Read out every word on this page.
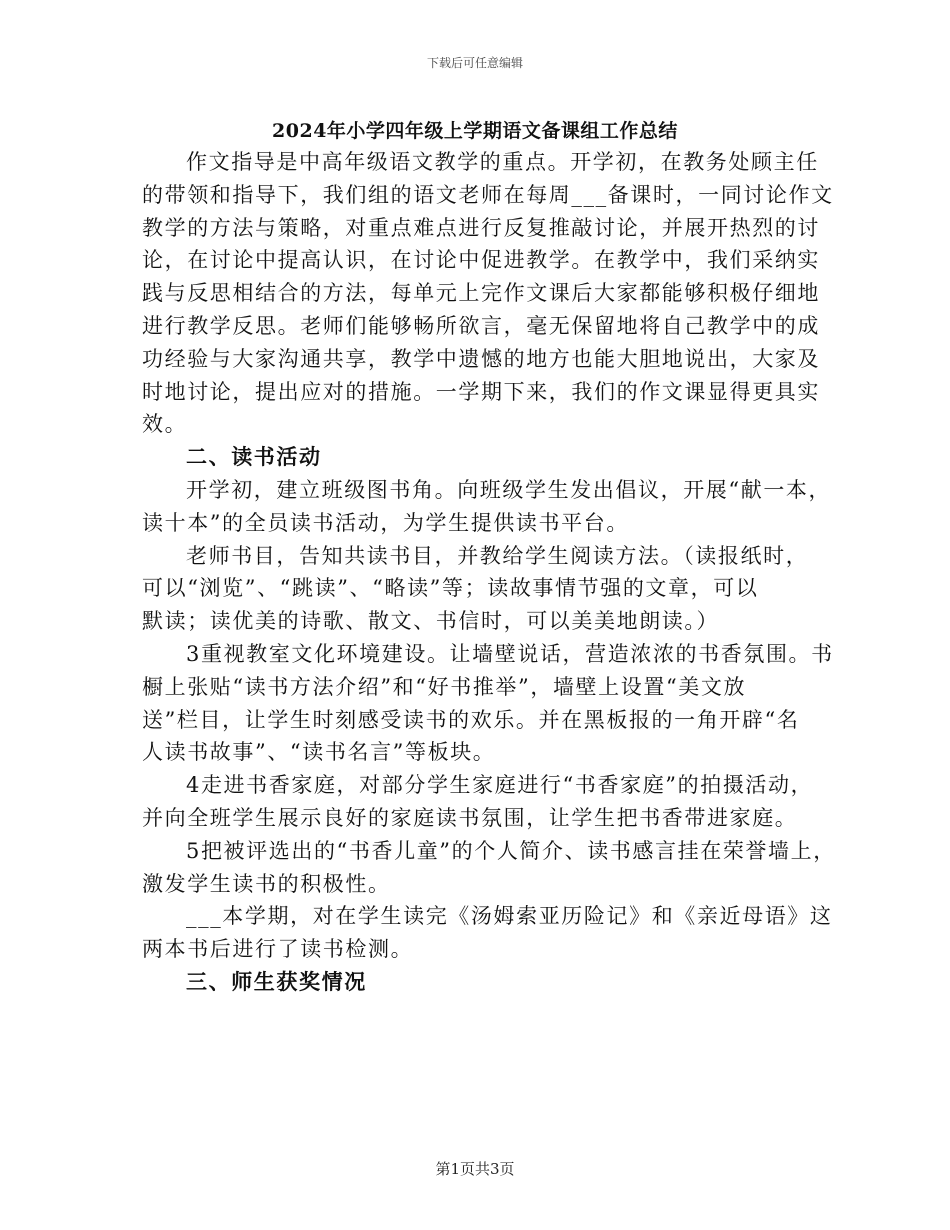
下载后可任意编辑
2024年小学四年级上学期语文备课组工作总结
作文指导是中高年级语文教学的重点。开学初，在教务处顾主任
的带领和指导下，我们组的语文老师在每周___备课时，一同讨论作文
教学的方法与策略，对重点难点进行反复推敲讨论，并展开热烈的讨
论，在讨论中提高认识，在讨论中促进教学。在教学中，我们采纳实
践与反思相结合的方法，每单元上完作文课后大家都能够积极仔细地
进行教学反思。老师们能够畅所欲言，毫无保留地将自己教学中的成
功经验与大家沟通共享，教学中遗憾的地方也能大胆地说出，大家及
时地讨论，提出应对的措施。一学期下来，我们的作文课显得更具实
效。
二、读书活动
开学初，建立班级图书角。向班级学生发出倡议，开展“献一本，
读十本”的全员读书活动，为学生提供读书平台。
老师书目，告知共读书目，并教给学生阅读方法。（读报纸时，
可以“浏览”、“跳读”、“略读”等；读故事情节强的文章，可以
默读；读优美的诗歌、散文、书信时，可以美美地朗读。）
3重视教室文化环境建设。让墙壁说话，营造浓浓的书香氛围。书
橱上张贴“读书方法介绍”和“好书推举”，墙壁上设置“美文放
送”栏目，让学生时刻感受读书的欢乐。并在黑板报的一角开辟“名
人读书故事”、“读书名言”等板块。
4走进书香家庭，对部分学生家庭进行“书香家庭”的拍摄活动，
并向全班学生展示良好的家庭读书氛围，让学生把书香带进家庭。
5把被评选出的“书香儿童”的个人简介、读书感言挂在荣誉墙上，
激发学生读书的积极性。
___本学期，对在学生读完《汤姆索亚历险记》和《亲近母语》这
两本书后进行了读书检测。
三、师生获奖情况
第1页共3页
